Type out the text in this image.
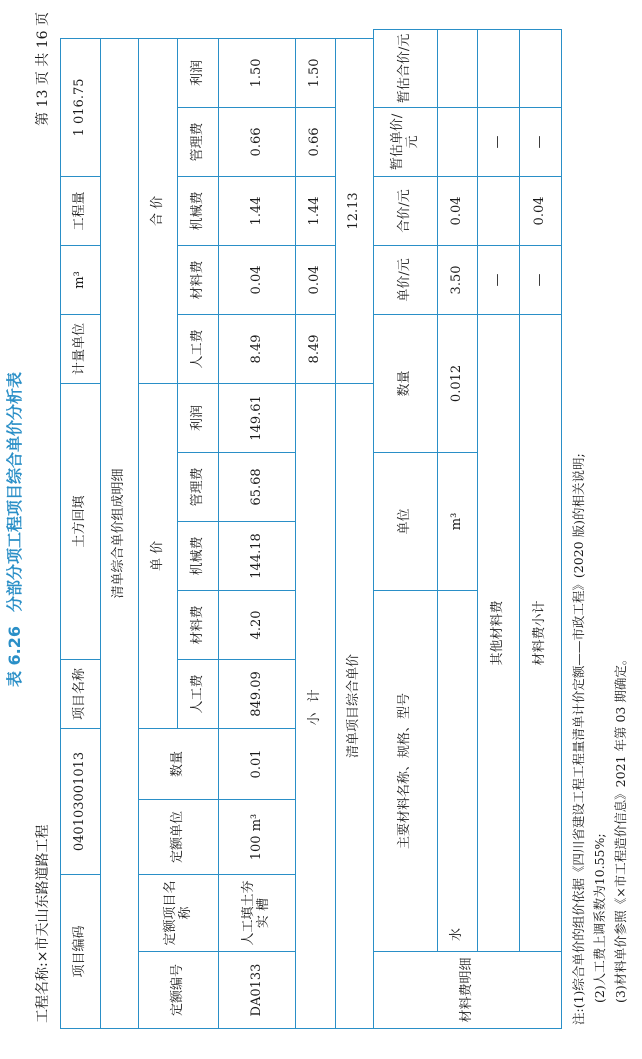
表 6.26分部分项工程项目综合单价分析表
工程名称:×市天山东路道路工程
第 13 页 共 16 页
项目编码		040103001013		项目名称	土方回填				计量单位	m³	工程量	1 016.75	
清单综合单价组成明细													
定额编号	定额项目名称	定额单位	数量	单 价					合 价				
				人工费	材料费	机械费	管理费	利润	人工费	材料费	机械费	管理费	利润
DA0133	人工填土夯实 槽	100 m³	0.01	849.09	4.20	144.18	65.68	149.61	8.49	0.04	1.44	0.66	1.50
小 计									8.49	0.04	1.44	0.66	1.50
清单项目综合单价									12.13				
材料费明细	主要材料名称、规格、型号					单位		数量		单价/元	合价/元	暂估单价/元	暂估合价/元
	水					m³		0.012		3.50	0.04		
	其他材料费									—		—	
	材料费小计									—	0.04	—	
注:(1)综合单价的组价依据《四川省建设工程工程量清单计价定额——市政工程》(2020 版)的相关说明; (2)人工费上调系数为10.55%; (3)材料单价参照《×市工程造价信息》2021 年第 03 期确定。
